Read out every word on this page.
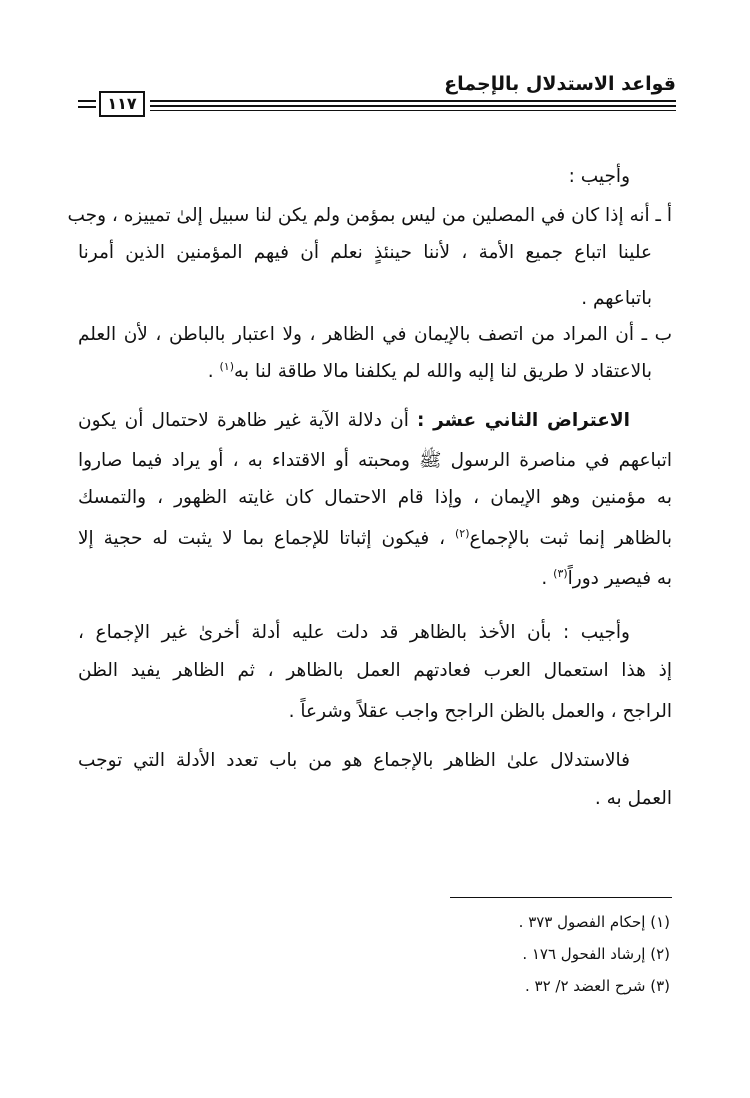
قواعد الاستدلال بالإجماع
١١٧
وأجيب :
أ ـ أنه إذا كان في المصلين من ليس بمؤمن ولم يكن لنا سبيل إلىٰ تمييزه ، وجب
علينا اتباع جميع الأمة ، لأننا حينئذٍ نعلم أن فيهم المؤمنين الذين أمرنا
باتباعهم .
ب ـ أن المراد من اتصف بالإيمان في الظاهر ، ولا اعتبار بالباطن ، لأن العلم
بالاعتقاد لا طريق لنا إليه والله لم يكلفنا مالا طاقة لنا به$^{(١)}$ .
الاعتراض الثاني عشر : أن دلالة الآية غير ظاهرة لاحتمال أن يكون
اتباعهم في مناصرة الرسول ﷺ ومحبته أو الاقتداء به ، أو يراد فيما صاروا
به مؤمنين وهو الإيمان ، وإذا قام الاحتمال كان غايته الظهور ، والتمسك
بالظاهر إنما ثبت بالإجماع$^{(٢)}$ ، فيكون إثباتا للإجماع بما لا يثبت له حجية إلا
به فيصير دوراً$^{(٣)}$ .
وأجيب : بأن الأخذ بالظاهر قد دلت عليه أدلة أخرىٰ غير الإجماع ،
إذ هذا استعمال العرب فعادتهم العمل بالظاهر ، ثم الظاهر يفيد الظن
الراجح ، والعمل بالظن الراجح واجب عقلاً وشرعاً .
فالاستدلال علىٰ الظاهر بالإجماع هو من باب تعدد الأدلة التي توجب
العمل به .
(١) إحكام الفصول ٣٧٣ .
(٢) إرشاد الفحول ١٧٦ .
(٣) شرح العضد ٢/ ٣٢ .
